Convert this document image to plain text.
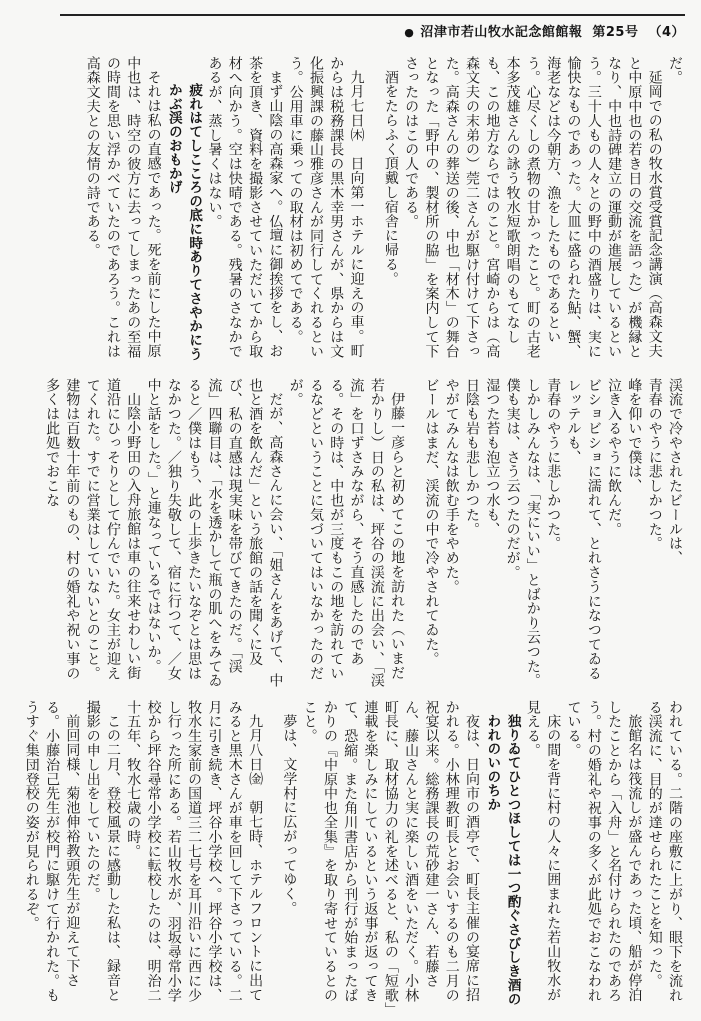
● 沼津市若山牧水記念館館報 第25号 （4）

だ。

延岡での私の牧水賞受賞記念講演（高森文夫と中原中也の若き日の交流を語った）が機縁となり、中也詩碑建立の運動が進展しているという。三十人もの人々との野中の酒盛りは、実に愉快なものであった。大皿に盛られた鮎、蟹、海老などは今朝方、漁をしたものであるという。心尽くしの煮物の甘かったこと。町の古老本多茂雄さんの詠う牧水短歌朗唱のもてなしも、この地方ならではのこと。宮崎からは（高森文夫の末弟の）莞二さんが駆け付けて下さった。高森さんの葬送の後、中也「材木」の舞台となった「野中の、製材所の脇」を案内して下さったのはこの人である。

酒をたらふく頂戴し宿舎に帰る。

九月七日㈭　日向第一ホテルに迎えの車。町からは税務課長の黒木幸男さんが、県からは文化振興課の藤山雅彦さんが同行してくれるという。公用車に乗っての取材は初めてである。

まず山陰の高森家へ。仏壇に御挨拶をし、お茶を頂き、資料を撮影させていただいてから取材へ向かう。空は快晴である。残暑のさなかであるが、蒸し暑くはない。

疲れはてしこころの底に時ありてさやかにうかぶ渓のおもかげ

それは私の直感であった。死を前にした中原中也は、時空の彼方に去ってしまったあの至福の時間を思い浮かべていたのであろう。これは高森文夫との友情の詩である。

渓流で冷やされたビールは、

青春のやうに悲しかつた。

峰を仰いで僕は、

泣き入るやうに飲んだ。

ビショビショに濡れて、とれさうになつてゐるレッテルも、

青春のやうに悲しかつた。

しかしみんなは、「実にいい」とばかり云つた。

僕も実は、さう云つたのだが。

湿つた苔も泡立つ水も、

日陰も岩も悲しかつた。

やがてみんなは飲む手をやめた。

ビールはまだ、渓流の中で冷やされてゐた。

伊藤一彦らと初めてこの地を訪れた（いまだ若かりし）日の私は、坪谷の渓流に出会い、「渓流」を口ずさみながら、そう直感したのである。その時は、中也が三度もこの地を訪れているなどということに気づいてはいなかったのだが。

だが、高森さんに会い、「姐さんをあげて、中也と酒を飲んだ」という旅館の話を聞くに及び、私の直感は現実味を帯びてきたのだ。「渓流」四聯目は、「水を透かして瓶の肌へをみてゐると／僕はもう、此の上歩きたいなぞとは思はなかつた。／独り失敬して、宿に行つて、／女中と話をした。」と連なっているではないか。

山陰小野田の入舟旅館は車の往来せわしい街道沿にひっそりとして佇んでいた。女主が迎えてくれた。すでに営業はしていないとのこと。建物は百数十年前のもの、村の婚礼や祝い事の多くは此処でおこな

われている。二階の座敷に上がり、眼下を流れる渓流に、目的が達せられたことを知った。

旅館名は筏流しが盛んであった頃、船が停泊したことから「入舟」と名付けられたのであろう。村の婚礼や祝事の多くが此処でおこなわれている。

床の間を背に村の人々に囲まれた若山牧水が見える。

独りゐてひとつほしては一つ酌ぐさびしき酒のわれのいのちか

夜は、日向市の酒亭で、町長主催の宴席に招かれる。小林理教町長とお会いするのも二月の祝宴以来。総務課長の荒砂建一さん、若藤さん、藤山さんと実に楽しい酒をいただく。小林町長に、取材協力の礼を述べると、私の「短歌」連載を楽しみにしているという返事が返ってきて、恐縮。また角川書店から刊行が始まったばかりの『中原中也全集』を取り寄せているとのこと。

夢は、文学村に広がってゆく。

九月八日㈮　朝七時、ホテルフロントに出てみると黒木さんが車を回して下さっている。二月に引き続き、坪谷小学校へ。坪谷小学校は、牧水生家前の国道三二七号を耳川沿いに西に少し行った所にある。若山牧水が、羽坂尋常小学校から坪谷尋常小学校に転校したのは、明治二十五年、牧水七歳の時。

この二月、登校風景に感動した私は、録音と撮影の申し出をしていたのだ。

前回同様、菊池伸裕教頭先生が迎えて下さる。小藤治己先生が校門に駆けて行かれた。もうすぐ集団登校の姿が見られるぞ。
